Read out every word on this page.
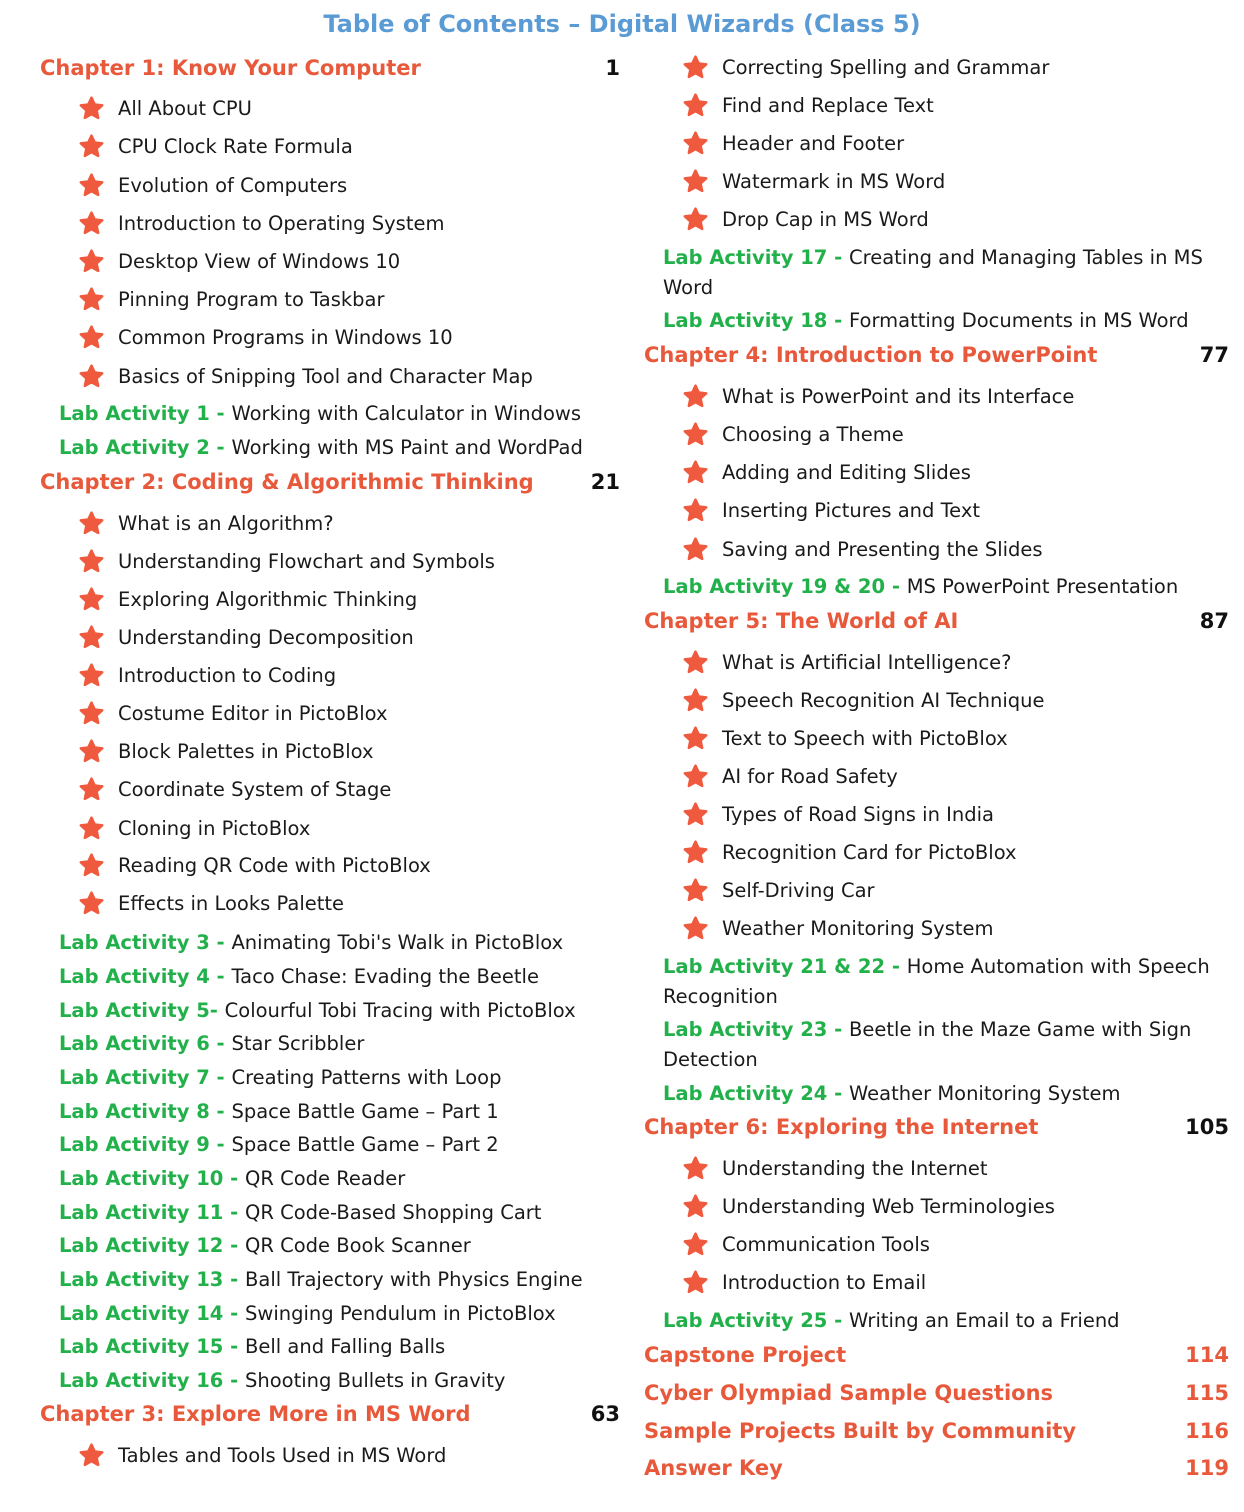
Table of Contents – Digital Wizards (Class 5)
Chapter 1: Know Your Computer	1
All About CPU
CPU Clock Rate Formula
Evolution of Computers
Introduction to Operating System
Desktop View of Windows 10
Pinning Program to Taskbar
Common Programs in Windows 10
Basics of Snipping Tool and Character Map
Lab Activity 1 - Working with Calculator in Windows
Lab Activity 2 - Working with MS Paint and WordPad
Chapter 2: Coding & Algorithmic Thinking	21
What is an Algorithm?
Understanding Flowchart and Symbols
Exploring Algorithmic Thinking
Understanding Decomposition
Introduction to Coding
Costume Editor in PictoBlox
Block Palettes in PictoBlox
Coordinate System of Stage
Cloning in PictoBlox
Reading QR Code with PictoBlox
Effects in Looks Palette
Lab Activity 3 - Animating Tobi's Walk in PictoBlox
Lab Activity 4 - Taco Chase: Evading the Beetle
Lab Activity 5- Colourful Tobi Tracing with PictoBlox
Lab Activity 6 - Star Scribbler
Lab Activity 7 - Creating Patterns with Loop
Lab Activity 8 - Space Battle Game – Part 1
Lab Activity 9 - Space Battle Game – Part 2
Lab Activity 10 - QR Code Reader
Lab Activity 11 - QR Code-Based Shopping Cart
Lab Activity 12 - QR Code Book Scanner
Lab Activity 13 - Ball Trajectory with Physics Engine
Lab Activity 14 - Swinging Pendulum in PictoBlox
Lab Activity 15 - Bell and Falling Balls
Lab Activity 16 - Shooting Bullets in Gravity
Chapter 3: Explore More in MS Word	63
Tables and Tools Used in MS Word
Correcting Spelling and Grammar
Find and Replace Text
Header and Footer
Watermark in MS Word
Drop Cap in MS Word
Lab Activity 17 - Creating and Managing Tables in MS Word
Lab Activity 18 - Formatting Documents in MS Word
Chapter 4: Introduction to PowerPoint	77
What is PowerPoint and its Interface
Choosing a Theme
Adding and Editing Slides
Inserting Pictures and Text
Saving and Presenting the Slides
Lab Activity 19 & 20 - MS PowerPoint Presentation
Chapter 5: The World of AI	87
What is Artificial Intelligence?
Speech Recognition AI Technique
Text to Speech with PictoBlox
AI for Road Safety
Types of Road Signs in India
Recognition Card for PictoBlox
Self-Driving Car
Weather Monitoring System
Lab Activity 21 & 22 - Home Automation with Speech Recognition
Lab Activity 23 - Beetle in the Maze Game with Sign Detection
Lab Activity 24 - Weather Monitoring System
Chapter 6: Exploring the Internet	105
Understanding the Internet
Understanding Web Terminologies
Communication Tools
Introduction to Email
Lab Activity 25 - Writing an Email to a Friend
Capstone Project	114
Cyber Olympiad Sample Questions	115
Sample Projects Built by Community	116
Answer Key	119
